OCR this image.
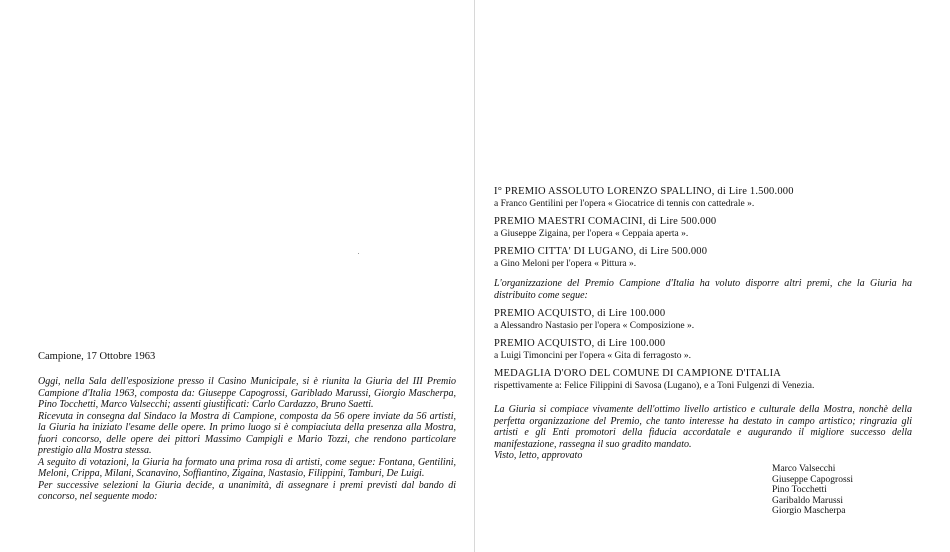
Campione, 17 Ottobre 1963

Oggi, nella Sala dell'esposizione presso il Casino Municipale, si è riunita la Giuria del III Premio Campione d'Italia 1963, composta da: Giuseppe Capogrossi, Gariblado Marussi, Giorgio Mascherpa, Pino Tocchetti, Marco Valsecchi; assenti giustificati: Carlo Cardazzo, Bruno Saetti.

Ricevuta in consegna dal Sindaco la Mostra di Campione, composta da 56 opere inviate da 56 artisti, la Giuria ha iniziato l'esame delle opere. In primo luogo si è compiaciuta della presenza alla Mostra, fuori concorso, delle opere dei pittori Massimo Campigli e Mario Tozzi, che rendono particolare prestigio alla Mostra stessa.

A seguito di votazioni, la Giuria ha formato una prima rosa di artisti, come segue: Fontana, Gentilini, Meloni, Crippa, Milani, Scanavino, Soffiantino, Zigaina, Nastasio, Filippini, Tamburi, De Luigi.

Per successive selezioni la Giuria decide, a unanimità, di assegnare i premi previsti dal bando di concorso, nel seguente modo:

I° PREMIO ASSOLUTO LORENZO SPALLINO, di Lire 1.500.000
a Franco Gentilini per l'opera « Giocatrice di tennis con cattedrale ».
PREMIO MAESTRI COMACINI, di Lire 500.000
a Giuseppe Zigaina, per l'opera « Ceppaia aperta ».
PREMIO CITTA' DI LUGANO, di Lire 500.000
a Gino Meloni per l'opera « Pittura ».

L'organizzazione del Premio Campione d'Italia ha voluto disporre altri premi, che la Giuria ha distribuito come segue:

PREMIO ACQUISTO, di Lire 100.000
a Alessandro Nastasio per l'opera « Composizione ».
PREMIO ACQUISTO, di Lire 100.000
a Luigi Timoncini per l'opera « Gita di ferragosto ».
MEDAGLIA D'ORO DEL COMUNE DI CAMPIONE D'ITALIA
rispettivamente a: Felice Filippini di Savosa (Lugano), e a Toni Fulgenzi di Venezia.

La Giuria si compiace vivamente dell'ottimo livello artistico e culturale della Mostra, nonchè della perfetta organizzazione del Premio, che tanto interesse ha destato in campo artistico; ringrazia gli artisti e gli Enti promotori della fiducia accordatale e augurando il migliore successo della manifestazione, rassegna il suo gradito mandato.

Visto, letto, approvato

Marco Valsecchi
Giuseppe Capogrossi
Pino Tocchetti
Garibaldo Marussi
Giorgio Mascherpa
